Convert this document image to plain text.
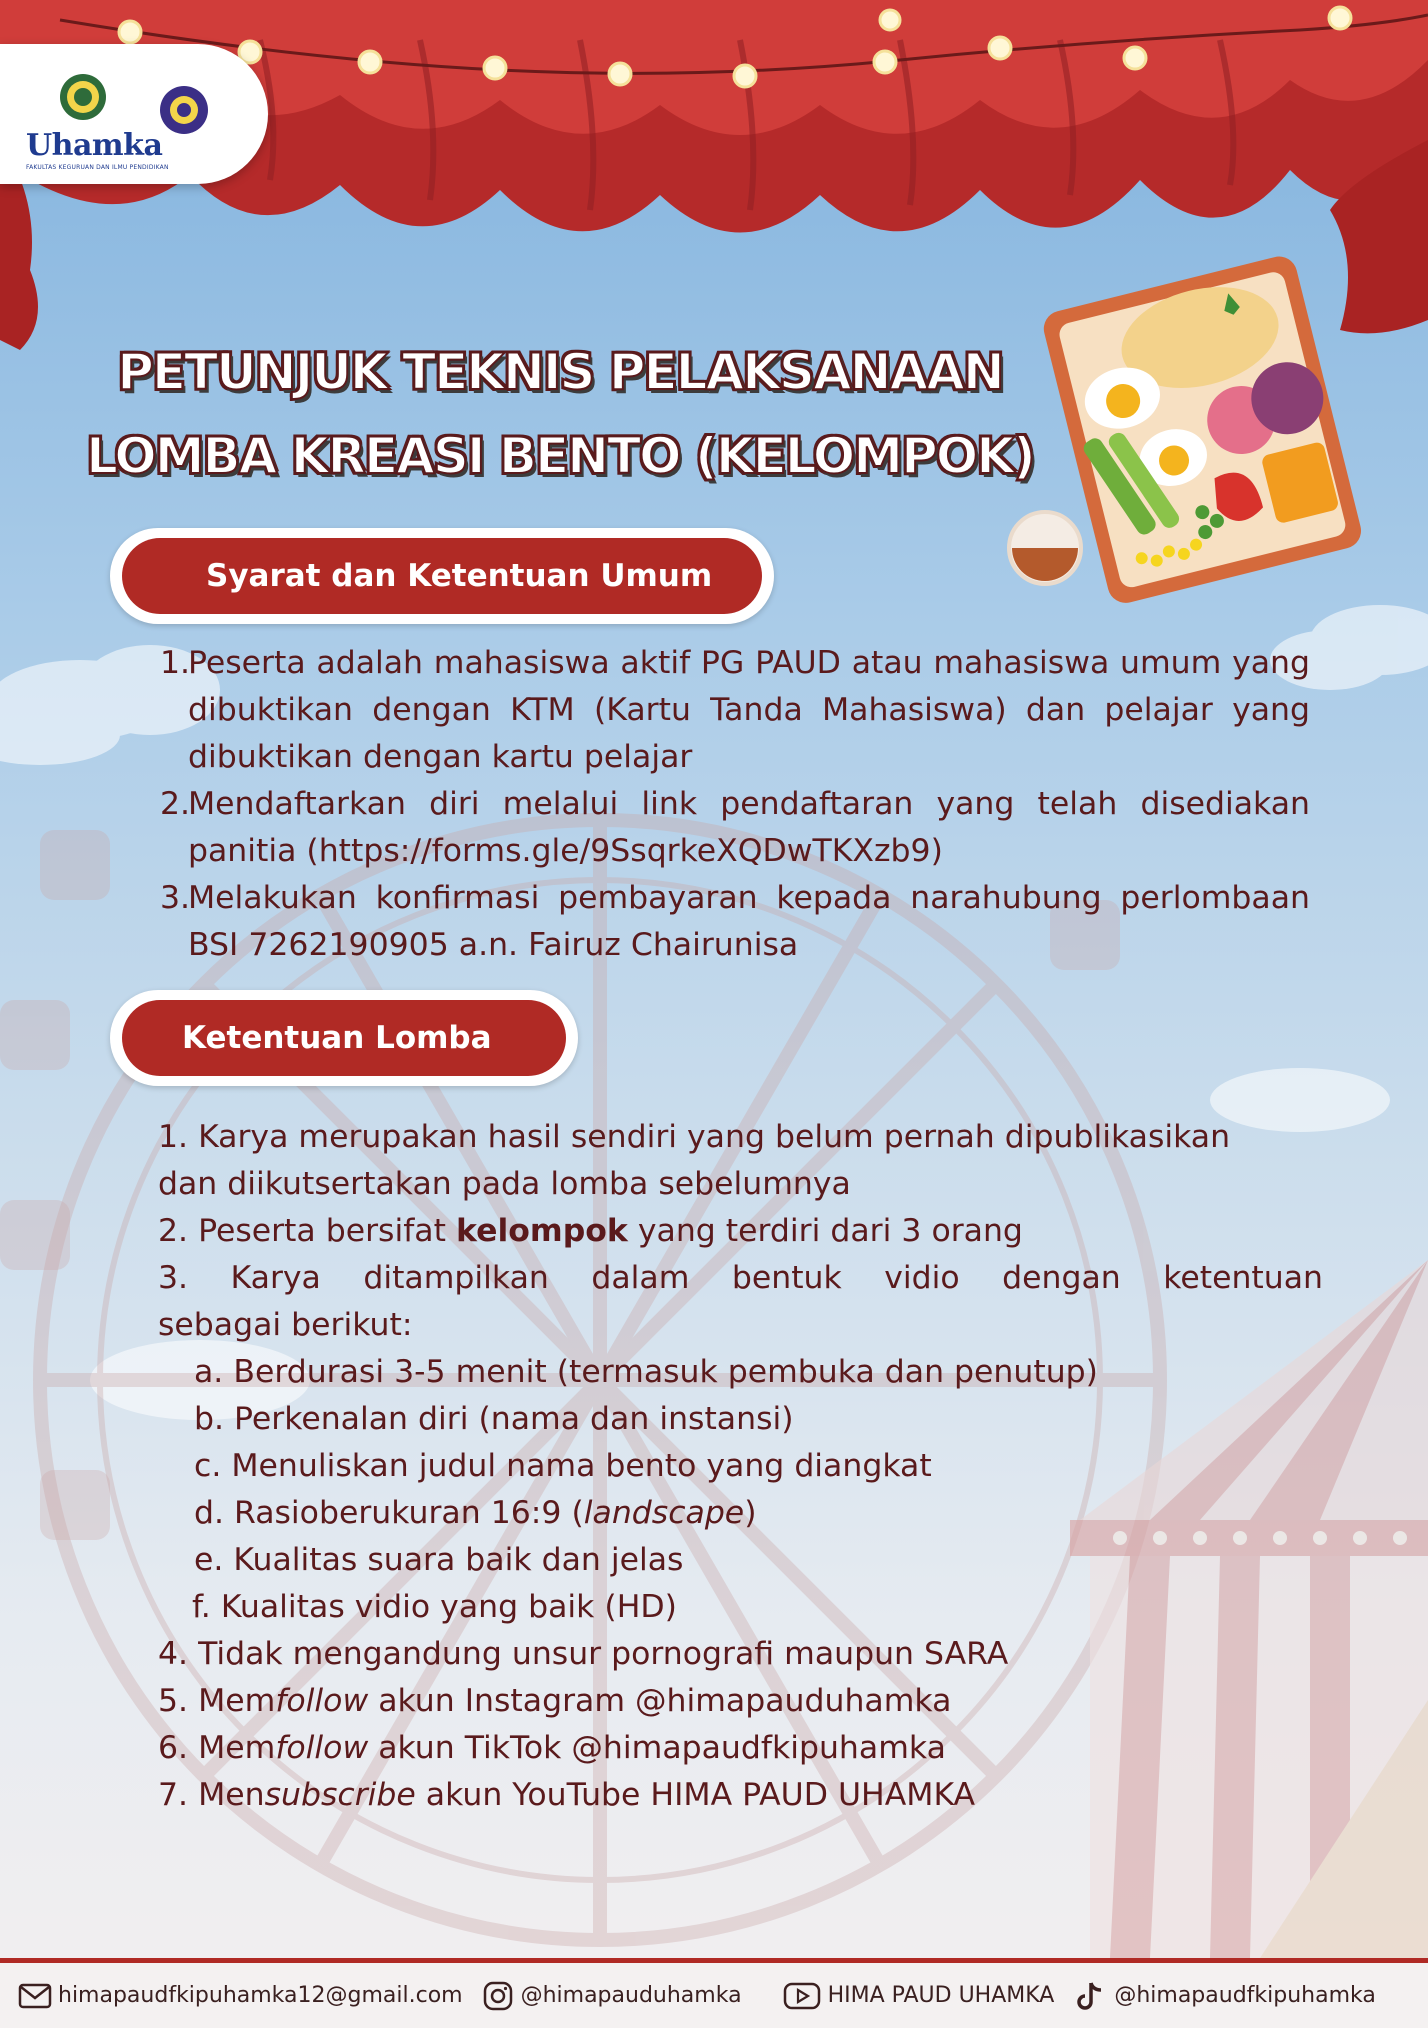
Uhamka
FAKULTAS KEGURUAN DAN ILMU PENDIDIKAN
PETUNJUK TEKNIS PELAKSANAAN
LOMBA KREASI BENTO (KELOMPOK)
Syarat dan Ketentuan Umum
1.
Peserta adalah mahasiswa aktif PG PAUD atau mahasiswa umum yang dibuktikan dengan KTM (Kartu Tanda Mahasiswa) dan pelajar yang dibuktikan dengan kartu pelajar
2.
Mendaftarkan diri melalui link pendaftaran yang telah disediakan panitia (https://forms.gle/9SsqrkeXQDwTKXzb9)
3.
Melakukan konfirmasi pembayaran kepada narahubung perlombaan BSI 7262190905 a.n. Fairuz Chairunisa
Ketentuan Lomba
1. Karya merupakan hasil sendiri yang belum pernah dipublikasikan
dan diikutsertakan pada lomba sebelumnya
2. Peserta bersifat kelompok yang terdiri dari 3 orang
3. Karya ditampilkan dalam bentuk vidio dengan ketentuan
sebagai berikut:
a. Berdurasi 3-5 menit (termasuk pembuka dan penutup)
b. Perkenalan diri (nama dan instansi)
c. Menuliskan judul nama bento yang diangkat
d. Rasioberukuran 16:9 (landscape)
e. Kualitas suara baik dan jelas
f. Kualitas vidio yang baik (HD)
4. Tidak mengandung unsur pornografi maupun SARA
5. Memfollow akun Instagram @himapauduhamka
6. Memfollow akun TikTok @himapaudfkipuhamka
7. Mensubscribe akun YouTube HIMA PAUD UHAMKA
himapaudfkipuhamka12@gmail.com	@himapauduhamka	HIMA PAUD UHAMKA	@himapaudfkipuhamka
